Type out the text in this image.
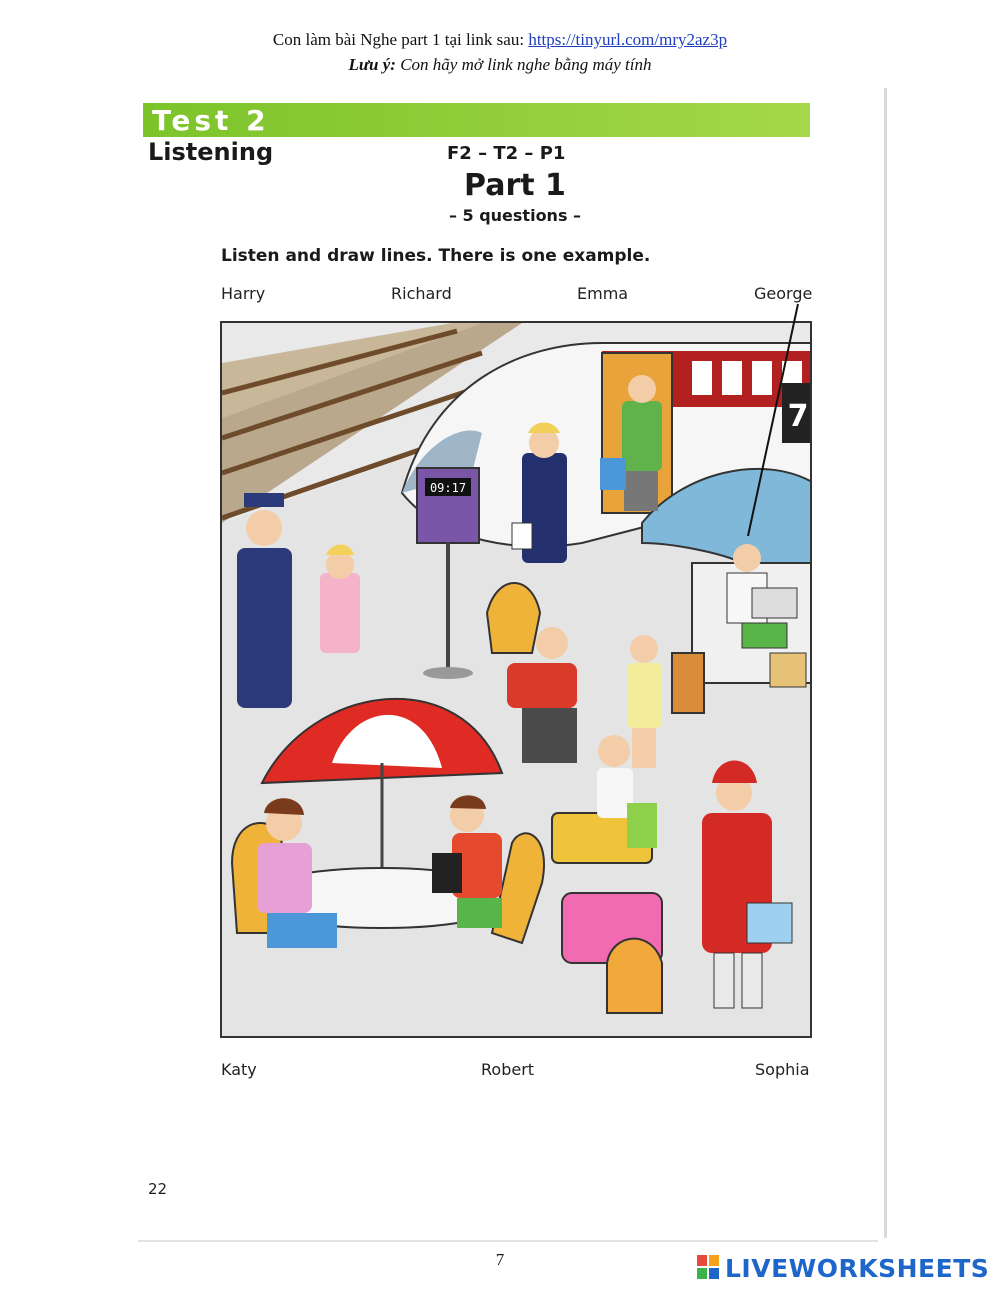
Con làm bài Nghe part 1 tại link sau: https://tinyurl.com/mry2az3p
Lưu ý: Con hãy mở link nghe bằng máy tính
Test 2
Listening	F2 – T2 – P1
Part 1
– 5 questions –
Listen and draw lines. There is one example.
Harry	Richard	Emma	George
7
09:17
Katy	Robert	Sophia
22
7	LIVEWORKSHEETS
